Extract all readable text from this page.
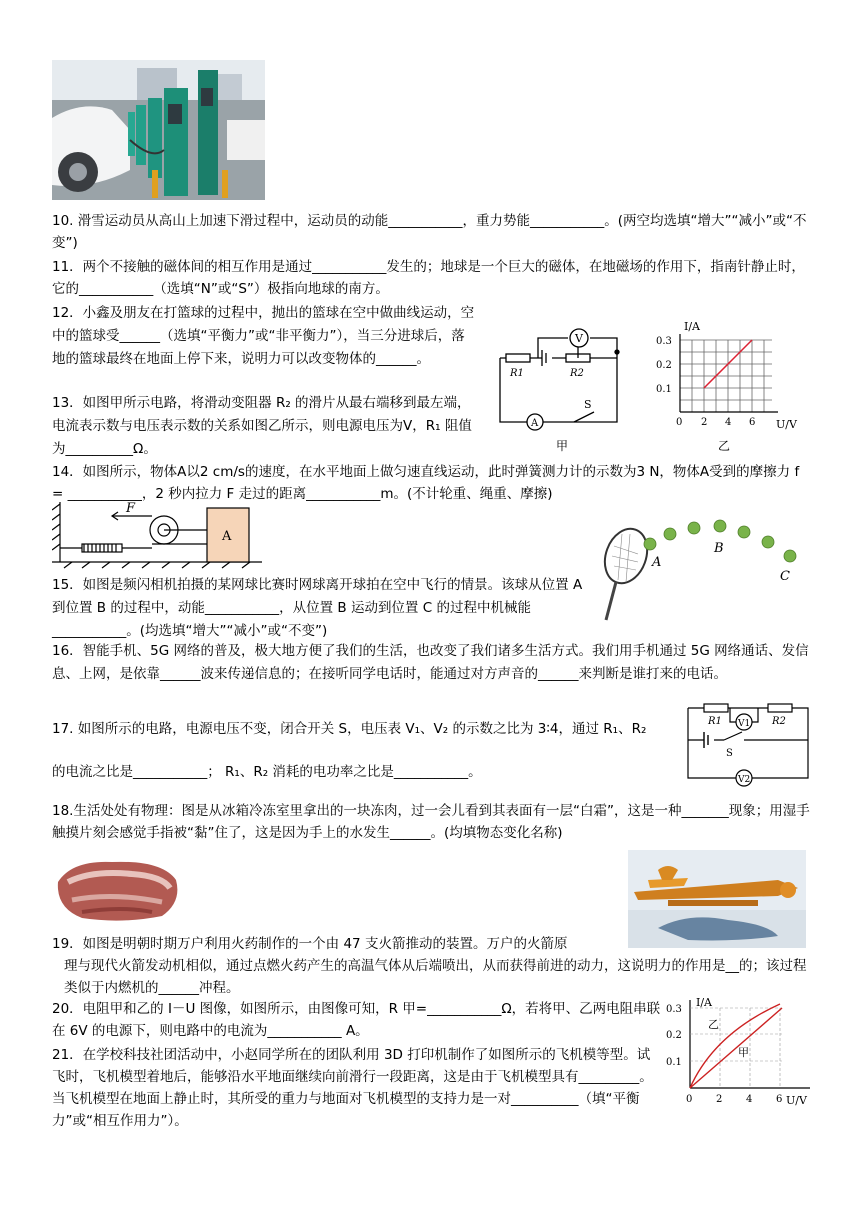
10. 滑雪运动员从高山上加速下滑过程中，运动员的动能___________，重力势能___________。(两空均选填“增大”“减小”或“不变”)

11．两个不接触的磁体间的相互作用是通过___________发生的；地球是一个巨大的磁体，在地磁场的作用下，指南针静止时，它的___________（选填“N”或“S”）极指向地球的南方。

12．小鑫及朋友在打篮球的过程中，抛出的篮球在空中做曲线运动，空中的篮球受______（选填“平衡力”或“非平衡力”），当三分进球后，落地的篮球最终在地面上停下来，说明力可以改变物体的______。

13．如图甲所示电路，将滑动变阻器 R₂ 的滑片从最右端移到最左端，电流表示数与电压表示数的关系如图乙所示，则电源电压为V，R₁ 阻值为__________Ω。

14．如图所示，物体A以2 cm/s的速度，在水平地面上做匀速直线运动，此时弹簧测力计的示数为3 N，物体A受到的摩擦力 f = ___________，2 秒内拉力 F 走过的距离___________m。(不计轮重、绳重、摩擦)

V
A
R1	R2
S
甲
I/A
U/V
0.3
0.2
0.1
0 2 4 6
乙
F
A
A
B
C

15．如图是频闪相机拍摄的某网球比赛时网球离开球拍在空中飞行的情景。该球从位置 A 到位置 B 的过程中，动能___________，从位置 B 运动到位置 C 的过程中机械能___________。(均选填“增大”“减小”或“不变”)

16．智能手机、5G 网络的普及，极大地方便了我们的生活，也改变了我们诸多生活方式。我们用手机通过 5G 网络通话、发信息、上网，是依靠______波来传递信息的；在接听同学电话时，能通过对方声音的______来判断是谁打来的电话。

17. 如图所示的电路，电源电压不变，闭合开关 S，电压表 V₁、V₂ 的示数之比为 3∶4，通过 R₁、R₂

的电流之比是___________； R₁、R₂ 消耗的电功率之比是___________。

R1	R2
V1
V2
S

18.生活处处有物理：图是从冰箱冷冻室里拿出的一块冻肉，过一会儿看到其表面有一层“白霜”，这是一种_______现象；用湿手触摸片刻会感觉手指被“黏”住了，这是因为手上的水发生______。(均填物态变化名称)

19．如图是明朝时期万户利用火药制作的一个由 47 支火箭推动的装置。万户的火箭原

理与现代火箭发动机相似，通过点燃火药产生的高温气体从后端喷出，从而获得前进的动力，这说明力的作用是__的；该过程类似于内燃机的______冲程。

20．电阻甲和乙的 I－U 图像，如图所示，由图像可知，R 甲=___________Ω，若将甲、乙两电阻串联在 6V 的电源下，则电路中的电流为___________ A。

21．在学校科技社团活动中，小赵同学所在的团队利用 3D 打印机制作了如图所示的飞机模等型。试飞时，飞机模型着地后，能够沿水平地面继续向前滑行一段距离，这是由于飞机模型具有_________。当飞机模型在地面上静止时，其所受的重力与地面对飞机模型的支持力是一对__________（填“平衡力”或“相互作用力”）。

I/A
U/V
0.3
0.2
0.1
0 2 4 6
乙
甲
